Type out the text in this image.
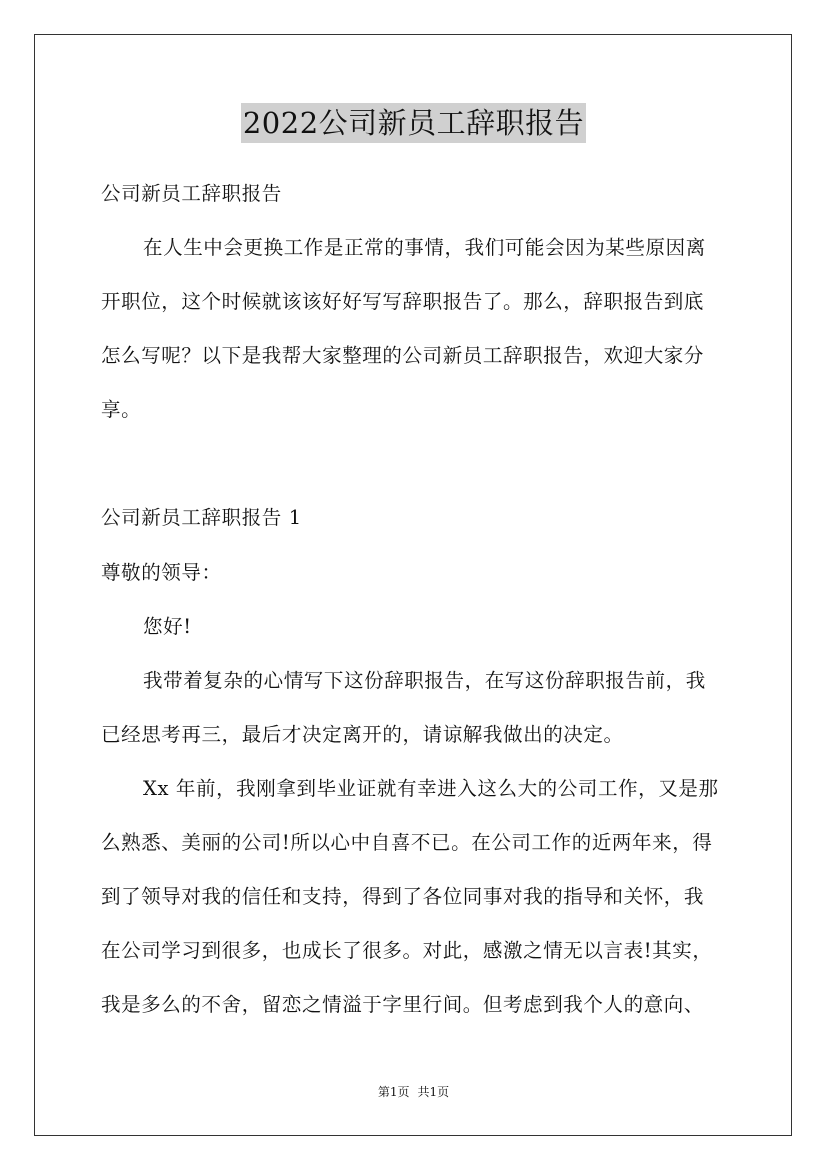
2022公司新员工辞职报告
公司新员工辞职报告
在人生中会更换工作是正常的事情，我们可能会因为某些原因离
开职位，这个时候就该该好好写写辞职报告了。那么，辞职报告到底
怎么写呢？以下是我帮大家整理的公司新员工辞职报告，欢迎大家分
享。
公司新员工辞职报告 1
尊敬的领导：
您好!
我带着复杂的心情写下这份辞职报告，在写这份辞职报告前，我
已经思考再三，最后才决定离开的，请谅解我做出的决定。
Xx 年前，我刚拿到毕业证就有幸进入这么大的公司工作，又是那
么熟悉、美丽的公司!所以心中自喜不已。在公司工作的近两年来，得
到了领导对我的信任和支持，得到了各位同事对我的指导和关怀，我
在公司学习到很多，也成长了很多。对此，感激之情无以言表!其实，
我是多么的不舍，留恋之情溢于字里行间。但考虑到我个人的意向、
第1页 共1页
